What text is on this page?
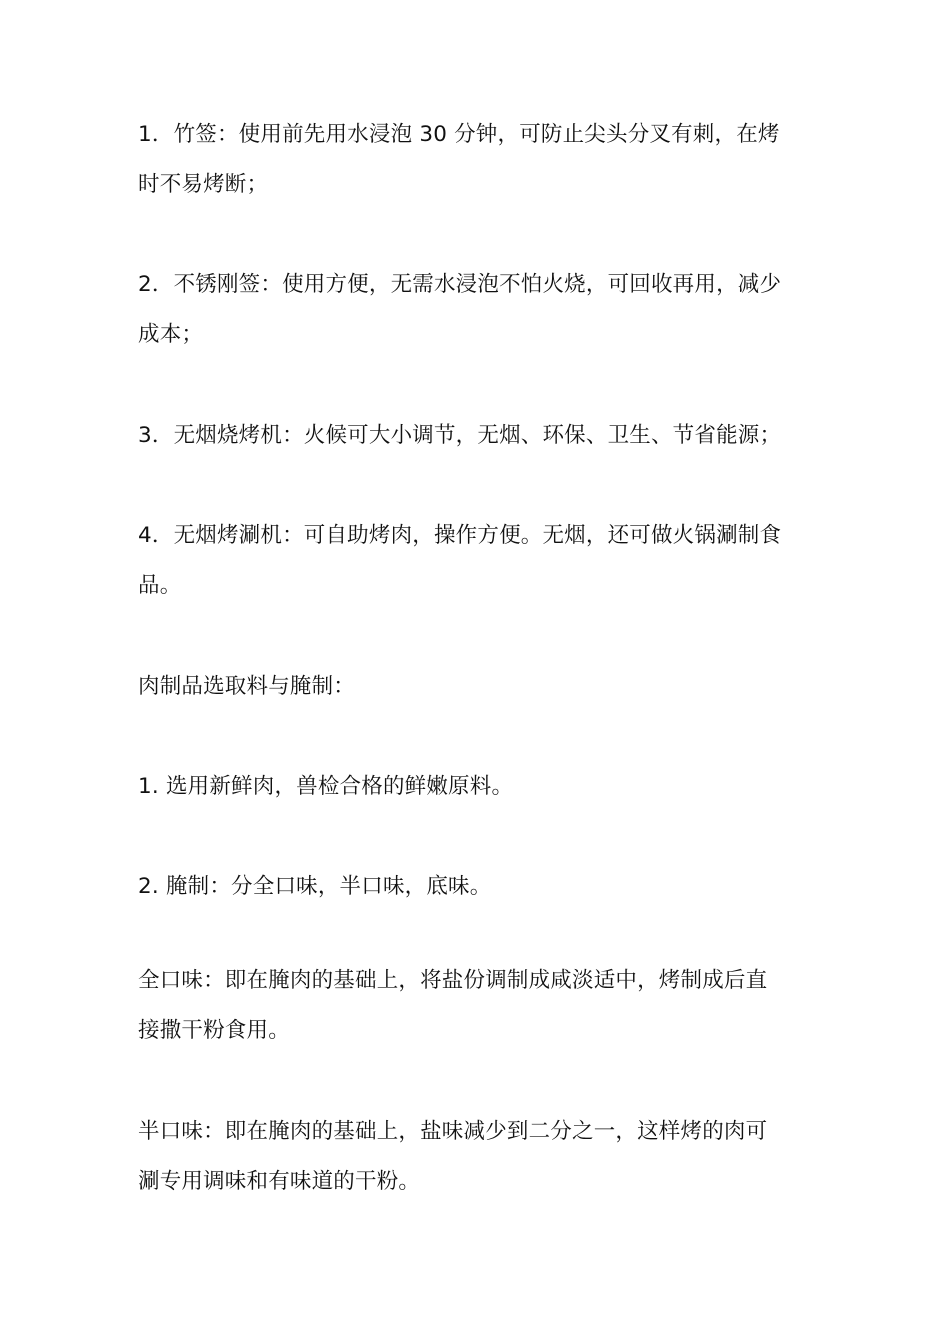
1．竹签：使用前先用水浸泡 30 分钟，可防止尖头分叉有刺，在烤
时不易烤断；
2．不锈刚签：使用方便，无需水浸泡不怕火烧，可回收再用，减少
成本；
3．无烟烧烤机：火候可大小调节，无烟、环保、卫生、节省能源；
4．无烟烤涮机：可自助烤肉，操作方便。无烟，还可做火锅涮制食
品。
肉制品选取料与腌制：
1. 选用新鲜肉，兽检合格的鲜嫩原料。
2. 腌制：分全口味，半口味，底味。
全口味：即在腌肉的基础上，将盐份调制成咸淡适中，烤制成后直
接撒干粉食用。
半口味：即在腌肉的基础上，盐味减少到二分之一，这样烤的肉可
涮专用调味和有味道的干粉。
